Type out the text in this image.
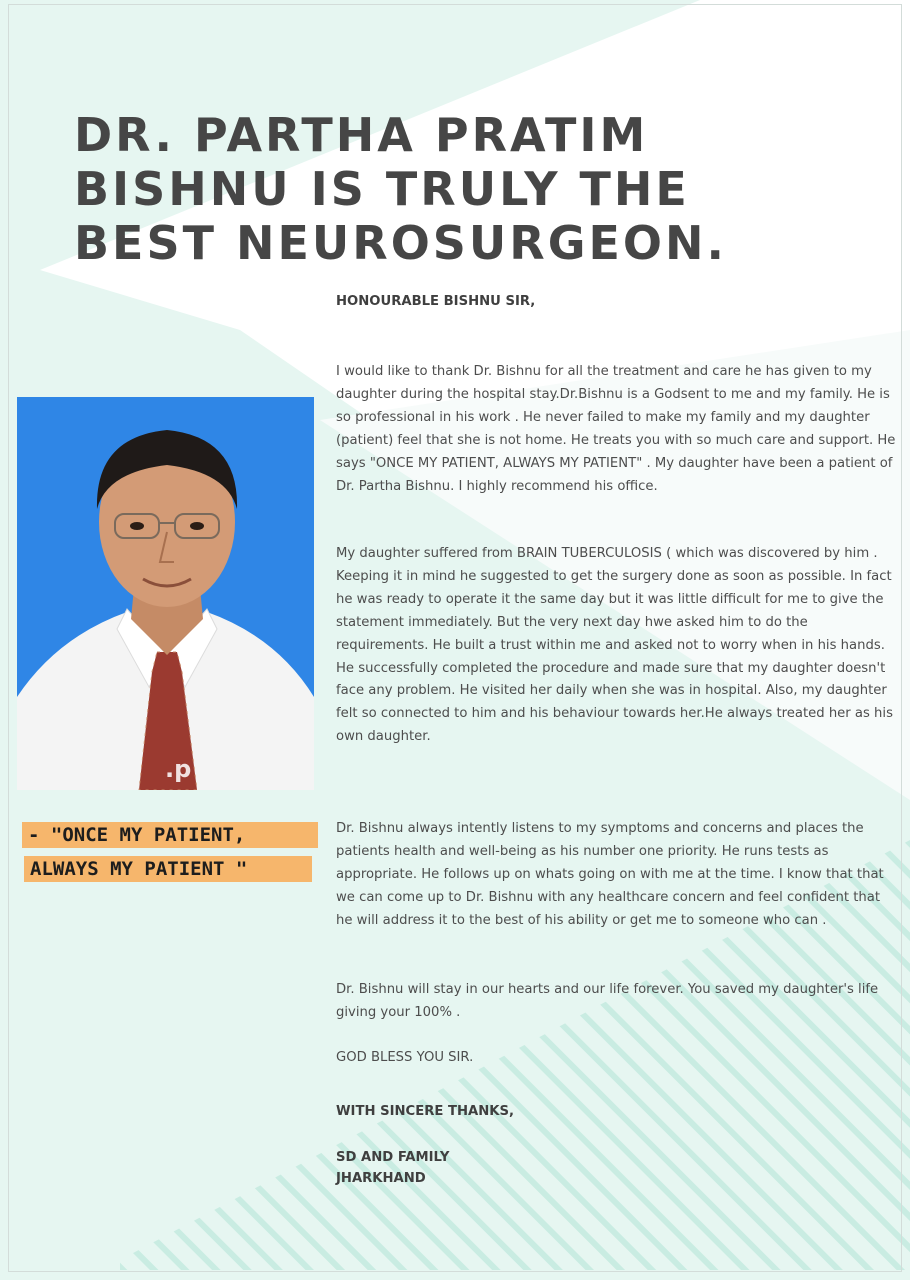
DR. PARTHA PRATIM
BISHNU IS TRULY THE
BEST NEUROSURGEON.
.p
- "ONCE MY PATIENT,
ALWAYS MY PATIENT "
HONOURABLE BISHNU SIR,

I would like to thank Dr. Bishnu for all the treatment and care he has given to my daughter during the hospital stay.Dr.Bishnu is a Godsent to me and my family. He is so professional in his work . He never failed to make my family and my daughter (patient) feel that she is not home. He treats you with so much care and support. He says "ONCE MY PATIENT, ALWAYS MY PATIENT" . My daughter have been a patient of Dr. Partha Bishnu. I highly recommend his office.

My daughter suffered from BRAIN TUBERCULOSIS ( which was discovered by him . Keeping it in mind he suggested to get the surgery done as soon as possible. In fact he was ready to operate it the same day but it was little difficult for me to give the statement immediately. But the very next day hwe asked him to do the requirements. He built a trust within me and asked not to worry when in his hands. He successfully completed the procedure and made sure that my daughter doesn't face any problem. He visited her daily when she was in hospital. Also, my daughter felt so connected to him and his behaviour towards her.He always treated her as his own daughter.

Dr. Bishnu always intently listens to my symptoms and concerns and places the patients health and well-being as his number one priority. He runs tests as appropriate. He follows up on whats going on with me at the time. I know that that we can come up to Dr. Bishnu with any healthcare concern and feel confident that he will address it to the best of his ability or get me to someone who can .

Dr. Bishnu will stay in our hearts and our life forever. You saved my daughter's life giving your 100% .

GOD BLESS YOU SIR.

WITH SINCERE THANKS,
SD AND FAMILY
JHARKHAND
